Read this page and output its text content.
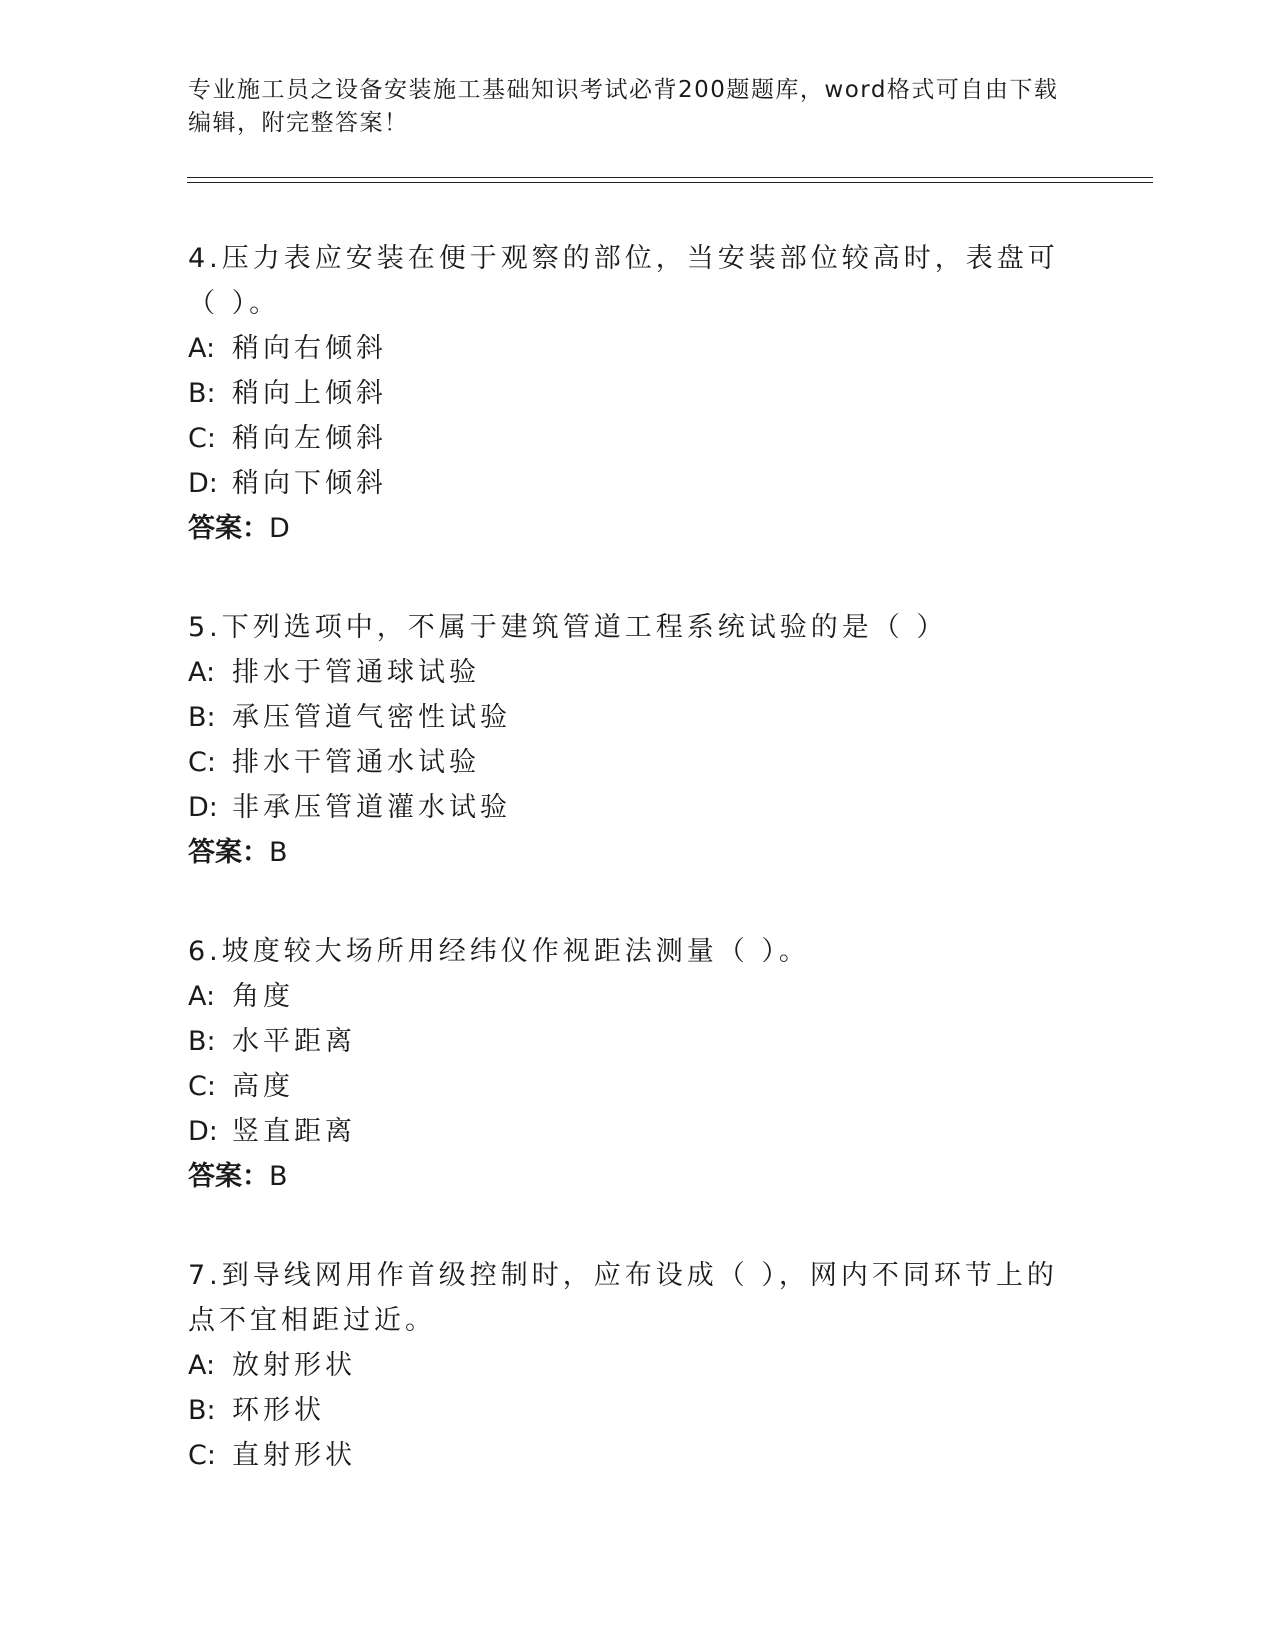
专业施工员之设备安装施工基础知识考试必背200题题库，word格式可自由下载
编辑，附完整答案！

4.压力表应安装在便于观察的部位，当安装部位较高时，表盘可（ ）。

A: 稍向右倾斜

B: 稍向上倾斜

C: 稍向左倾斜

D: 稍向下倾斜

答案：D

5.下列选项中，不属于建筑管道工程系统试验的是（ ）

A: 排水于管通球试验

B: 承压管道气密性试验

C: 排水干管通水试验

D: 非承压管道灌水试验

答案：B

6.坡度较大场所用经纬仪作视距法测量（ ）。

A: 角度

B: 水平距离

C: 高度

D: 竖直距离

答案：B

7.到导线网用作首级控制时，应布设成（ ），网内不同环节上的点不宜相距过近。

A: 放射形状

B: 环形状

C: 直射形状
